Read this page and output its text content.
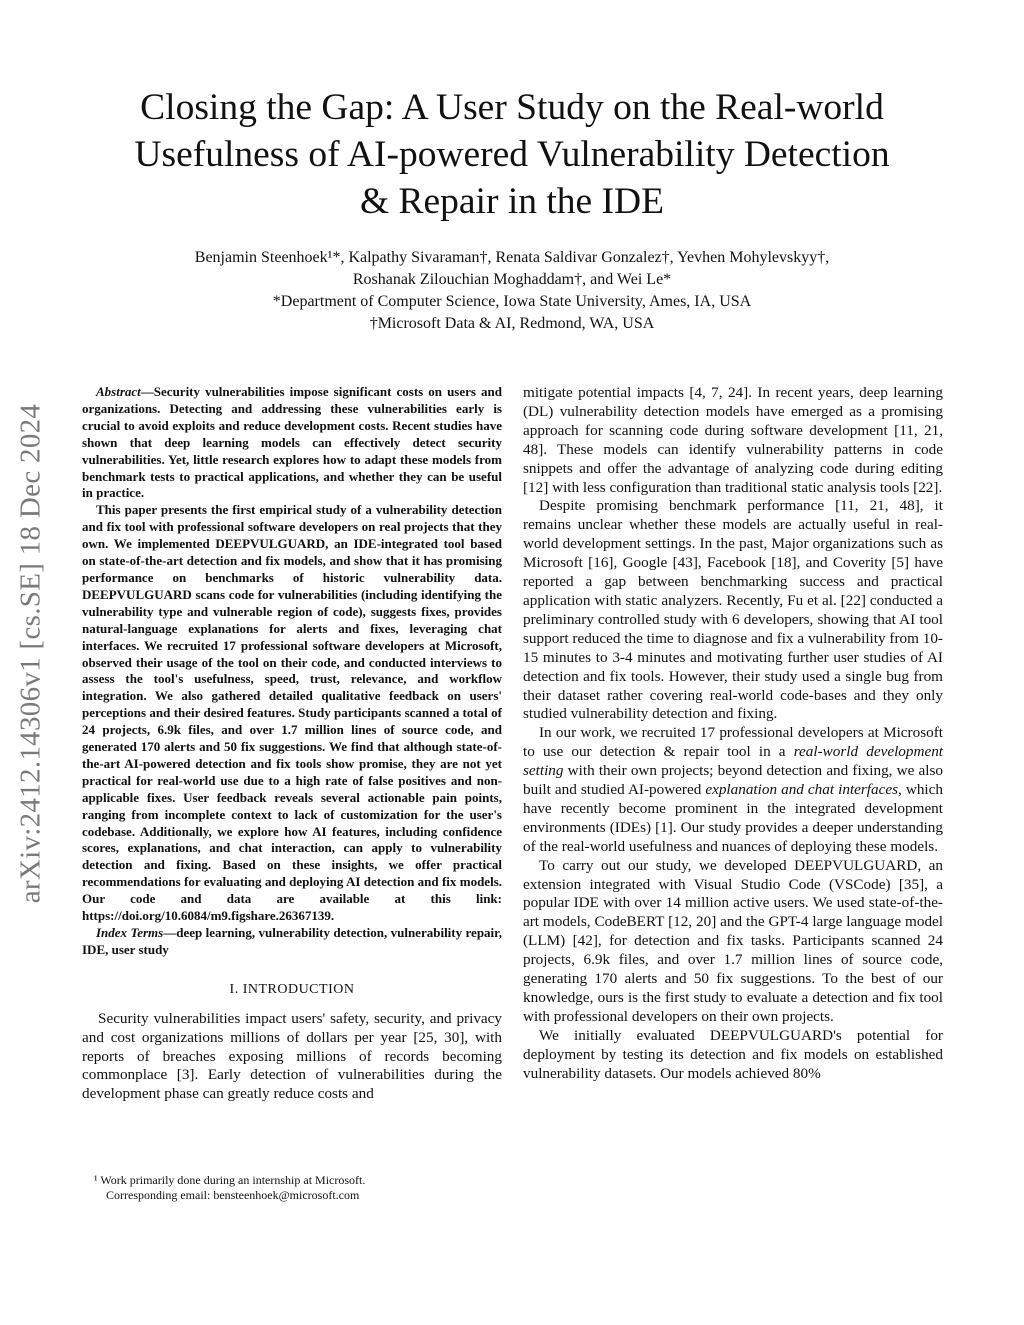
Closing the Gap: A User Study on the Real-world
Usefulness of AI-powered Vulnerability Detection
& Repair in the IDE
Benjamin Steenhoek¹*, Kalpathy Sivaraman†, Renata Saldivar Gonzalez†, Yevhen Mohylevskyy†,
Roshanak Zilouchian Moghaddam†, and Wei Le*
*Department of Computer Science, Iowa State University, Ames, IA, USA
†Microsoft Data & AI, Redmond, WA, USA
arXiv:2412.14306v1 [cs.SE] 18 Dec 2024

Abstract—Security vulnerabilities impose significant costs on users and organizations. Detecting and addressing these vulnerabilities early is crucial to avoid exploits and reduce development costs. Recent studies have shown that deep learning models can effectively detect security vulnerabilities. Yet, little research explores how to adapt these models from benchmark tests to practical applications, and whether they can be useful in practice.

This paper presents the first empirical study of a vulnerability detection and fix tool with professional software developers on real projects that they own. We implemented DEEPVULGUARD, an IDE-integrated tool based on state-of-the-art detection and fix models, and show that it has promising performance on benchmarks of historic vulnerability data. DEEPVULGUARD scans code for vulnerabilities (including identifying the vulnerability type and vulnerable region of code), suggests fixes, provides natural-language explanations for alerts and fixes, leveraging chat interfaces. We recruited 17 professional software developers at Microsoft, observed their usage of the tool on their code, and conducted interviews to assess the tool's usefulness, speed, trust, relevance, and workflow integration. We also gathered detailed qualitative feedback on users' perceptions and their desired features. Study participants scanned a total of 24 projects, 6.9k files, and over 1.7 million lines of source code, and generated 170 alerts and 50 fix suggestions. We find that although state-of-the-art AI-powered detection and fix tools show promise, they are not yet practical for real-world use due to a high rate of false positives and non-applicable fixes. User feedback reveals several actionable pain points, ranging from incomplete context to lack of customization for the user's codebase. Additionally, we explore how AI features, including confidence scores, explanations, and chat interaction, can apply to vulnerability detection and fixing. Based on these insights, we offer practical recommendations for evaluating and deploying AI detection and fix models. Our code and data are available at this link: https://doi.org/10.6084/m9.figshare.26367139.

Index Terms—deep learning, vulnerability detection, vulnerability repair, IDE, user study

I. INTRODUCTION

Security vulnerabilities impact users' safety, security, and privacy and cost organizations millions of dollars per year [25, 30], with reports of breaches exposing millions of records becoming commonplace [3]. Early detection of vulnerabilities during the development phase can greatly reduce costs and

¹ Work primarily done during an internship at Microsoft.
Corresponding email: bensteenhoek@microsoft.com

mitigate potential impacts [4, 7, 24]. In recent years, deep learning (DL) vulnerability detection models have emerged as a promising approach for scanning code during software development [11, 21, 48]. These models can identify vulnerability patterns in code snippets and offer the advantage of analyzing code during editing [12] with less configuration than traditional static analysis tools [22].

Despite promising benchmark performance [11, 21, 48], it remains unclear whether these models are actually useful in real-world development settings. In the past, Major organizations such as Microsoft [16], Google [43], Facebook [18], and Coverity [5] have reported a gap between benchmarking success and practical application with static analyzers. Recently, Fu et al. [22] conducted a preliminary controlled study with 6 developers, showing that AI tool support reduced the time to diagnose and fix a vulnerability from 10-15 minutes to 3-4 minutes and motivating further user studies of AI detection and fix tools. However, their study used a single bug from their dataset rather covering real-world code-bases and they only studied vulnerability detection and fixing.

In our work, we recruited 17 professional developers at Microsoft to use our detection & repair tool in a real-world development setting with their own projects; beyond detection and fixing, we also built and studied AI-powered explanation and chat interfaces, which have recently become prominent in the integrated development environments (IDEs) [1]. Our study provides a deeper understanding of the real-world usefulness and nuances of deploying these models.

To carry out our study, we developed DEEPVULGUARD, an extension integrated with Visual Studio Code (VSCode) [35], a popular IDE with over 14 million active users. We used state-of-the-art models, CodeBERT [12, 20] and the GPT-4 large language model (LLM) [42], for detection and fix tasks. Participants scanned 24 projects, 6.9k files, and over 1.7 million lines of source code, generating 170 alerts and 50 fix suggestions. To the best of our knowledge, ours is the first study to evaluate a detection and fix tool with professional developers on their own projects.

We initially evaluated DEEPVULGUARD's potential for deployment by testing its detection and fix models on established vulnerability datasets. Our models achieved 80%
